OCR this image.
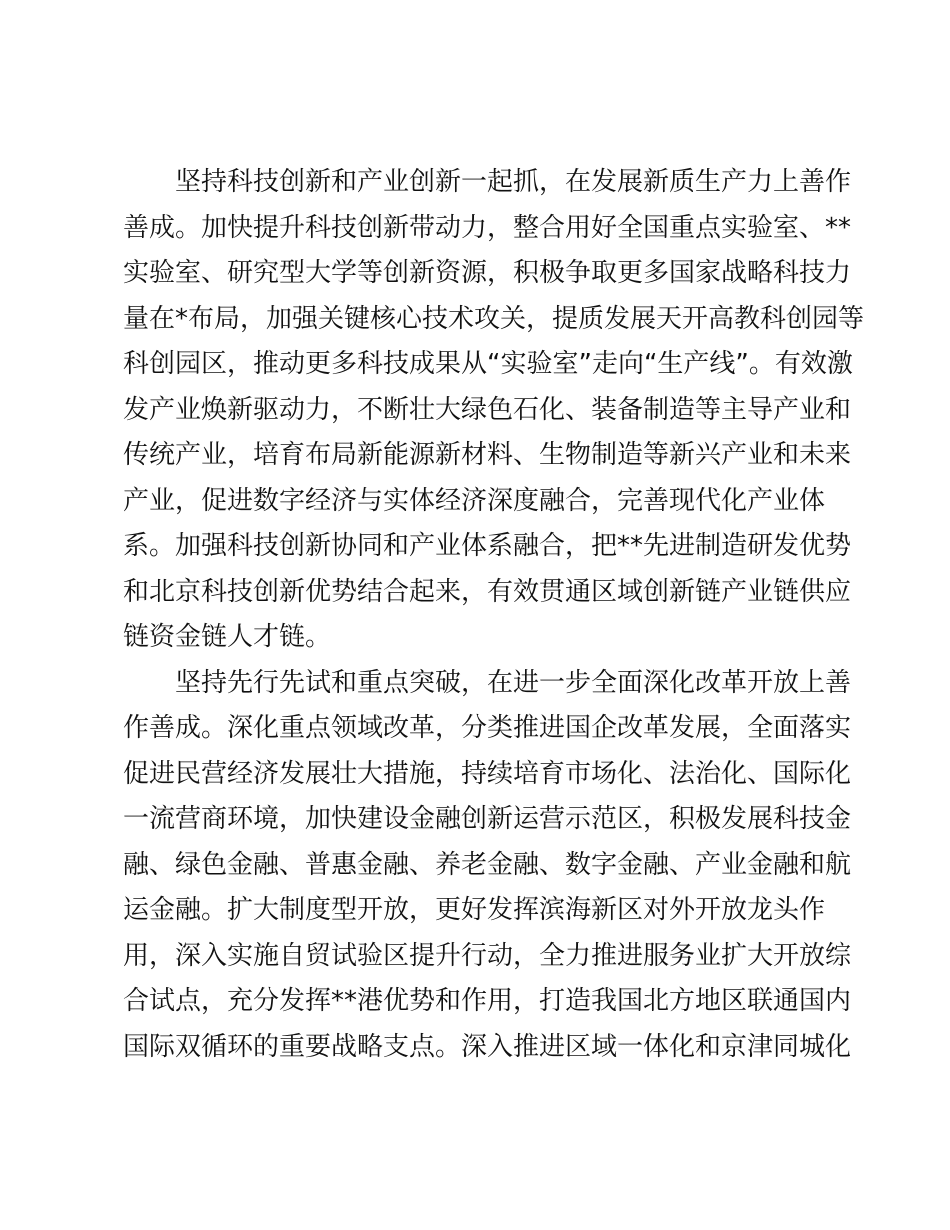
坚持科技创新和产业创新一起抓，在发展新质生产力上善作
善成。加快提升科技创新带动力，整合用好全国重点实验室、**
实验室、研究型大学等创新资源，积极争取更多国家战略科技力
量在*布局，加强关键核心技术攻关，提质发展天开高教科创园等
科创园区，推动更多科技成果从“实验室”走向“生产线”。有效激
发产业焕新驱动力，不断壮大绿色石化、装备制造等主导产业和
传统产业，培育布局新能源新材料、生物制造等新兴产业和未来
产业，促进数字经济与实体经济深度融合，完善现代化产业体
系。加强科技创新协同和产业体系融合，把**先进制造研发优势
和北京科技创新优势结合起来，有效贯通区域创新链产业链供应
链资金链人才链。
坚持先行先试和重点突破，在进一步全面深化改革开放上善
作善成。深化重点领域改革，分类推进国企改革发展，全面落实
促进民营经济发展壮大措施，持续培育市场化、法治化、国际化
一流营商环境，加快建设金融创新运营示范区，积极发展科技金
融、绿色金融、普惠金融、养老金融、数字金融、产业金融和航
运金融。扩大制度型开放，更好发挥滨海新区对外开放龙头作
用，深入实施自贸试验区提升行动，全力推进服务业扩大开放综
合试点，充分发挥**港优势和作用，打造我国北方地区联通国内
国际双循环的重要战略支点。深入推进区域一体化和京津同城化
